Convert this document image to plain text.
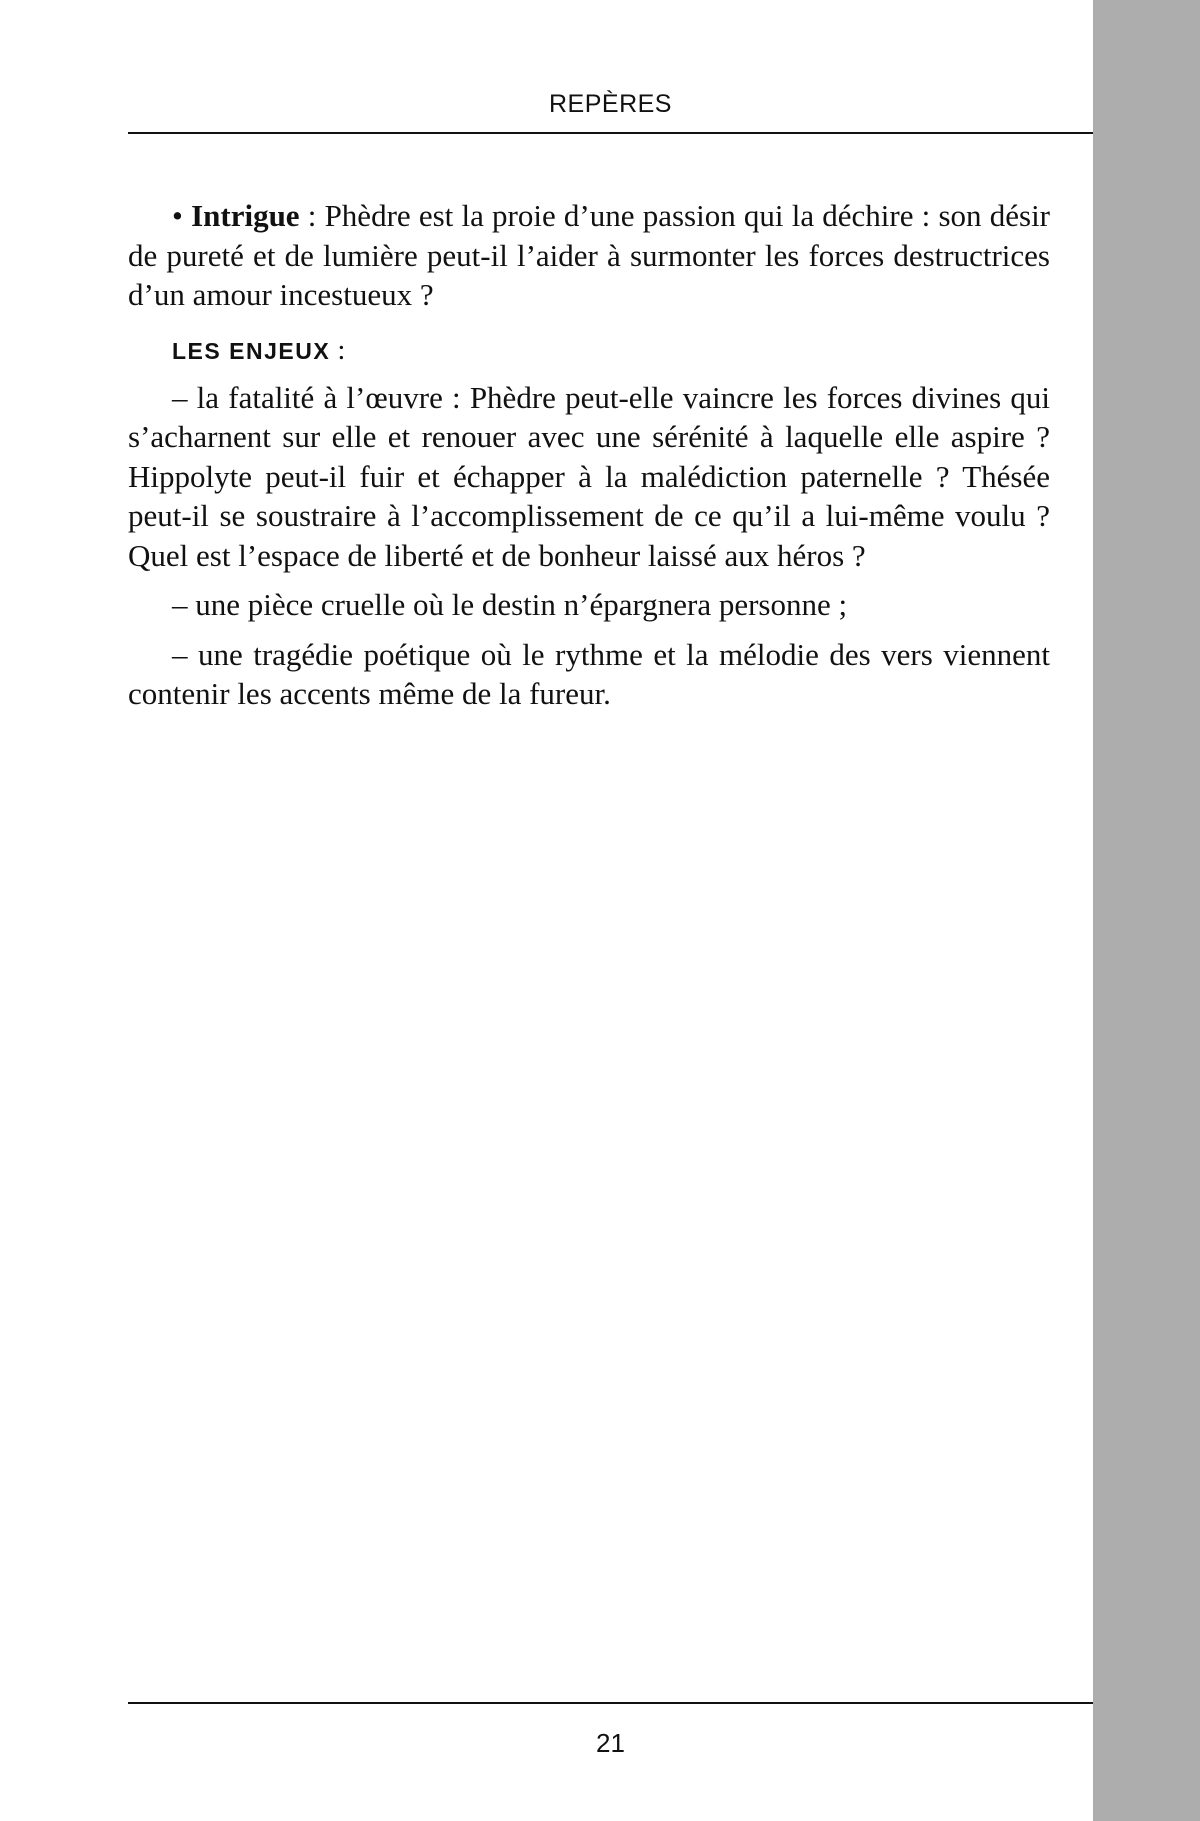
REPÈRES

• Intrigue : Phèdre est la proie d’une passion qui la déchire : son désir de pureté et de lumière peut-il l’aider à surmonter les forces destructrices d’un amour incestueux ?

LES ENJEUX :

– la fatalité à l’œuvre : Phèdre peut-elle vaincre les forces divines qui s’acharnent sur elle et renouer avec une sérénité à laquelle elle aspire ? Hippolyte peut-il fuir et échapper à la malédiction paternelle ? Thésée peut-il se soustraire à l’accomplissement de ce qu’il a lui-même voulu ? Quel est l’espace de liberté et de bonheur laissé aux héros ?

– une pièce cruelle où le destin n’épargnera personne ;

– une tragédie poétique où le rythme et la mélodie des vers viennent contenir les accents même de la fureur.

21
